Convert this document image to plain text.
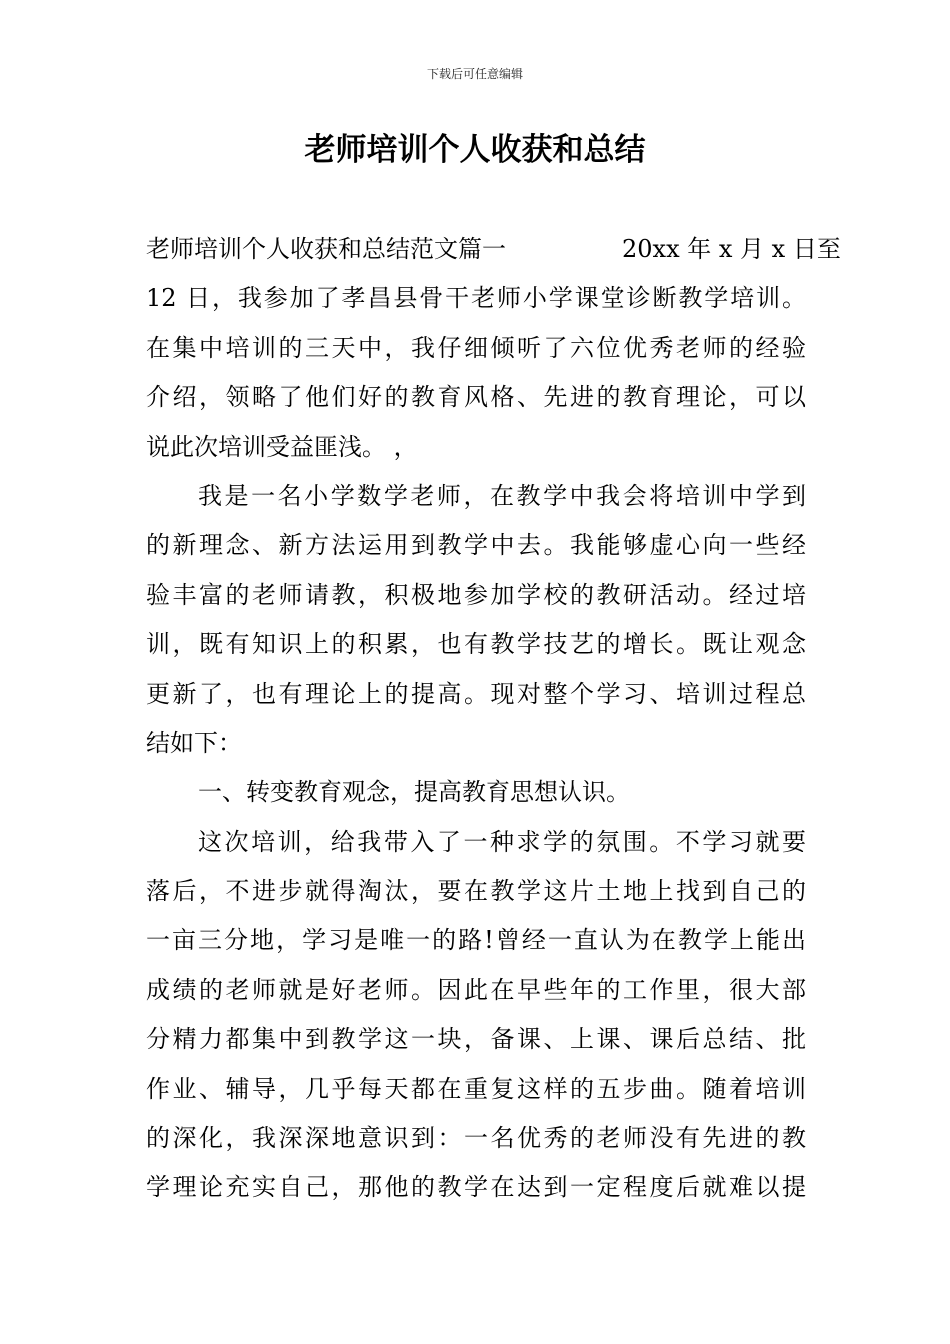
下载后可任意编辑
老师培训个人收获和总结

老师培训个人收获和总结范文篇一	20xx 年 x 月 x 日至

12 日，我参加了孝昌县骨干老师小学课堂诊断教学培训。

在集中培训的三天中，我仔细倾听了六位优秀老师的经验

介绍，领略了他们好的教育风格、先进的教育理论，可以

说此次培训受益匪浅。 ，

我是一名小学数学老师，在教学中我会将培训中学到

的新理念、新方法运用到教学中去。我能够虚心向一些经

验丰富的老师请教，积极地参加学校的教研活动。经过培

训，既有知识上的积累，也有教学技艺的增长。既让观念

更新了，也有理论上的提高。现对整个学习、培训过程总

结如下：

一、转变教育观念，提高教育思想认识。

这次培训，给我带入了一种求学的氛围。不学习就要

落后，不进步就得淘汰，要在教学这片土地上找到自己的

一亩三分地，学习是唯一的路!曾经一直认为在教学上能出

成绩的老师就是好老师。因此在早些年的工作里，很大部

分精力都集中到教学这一块，备课、上课、课后总结、批

作业、辅导，几乎每天都在重复这样的五步曲。随着培训

的深化，我深深地意识到：一名优秀的老师没有先进的教

学理论充实自己，那他的教学在达到一定程度后就难以提
